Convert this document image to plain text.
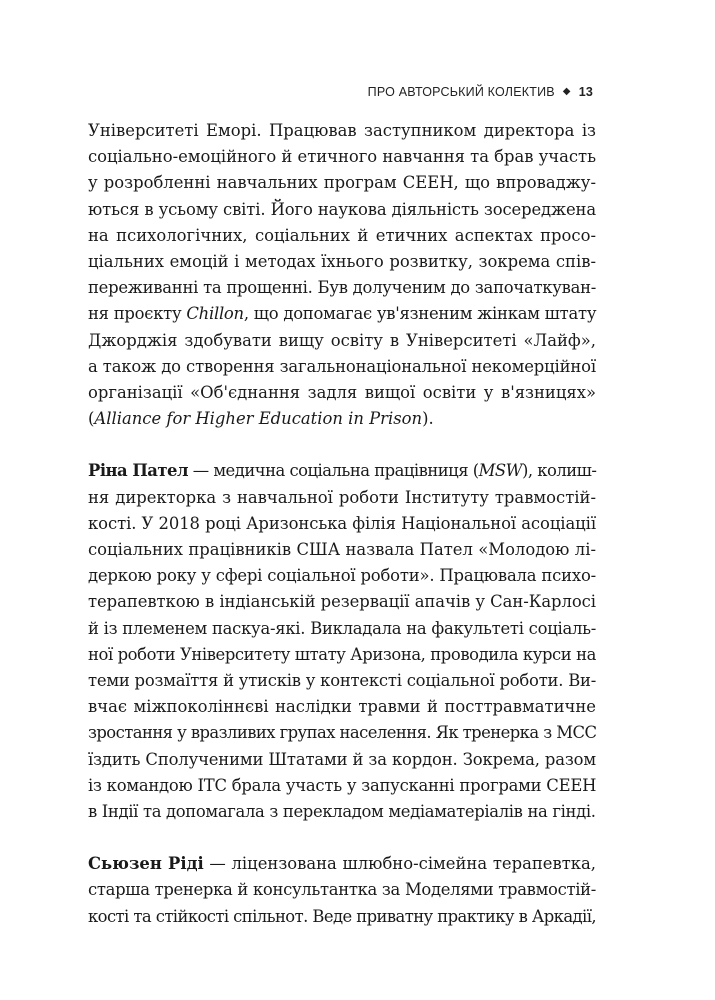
ПРО АВТОРСЬКИЙ КОЛЕКТИВ ◆ 13
Університеті Еморі. Працював заступником директора із
соціально-емоційного й етичного навчання та брав участь
у розробленні навчальних програм СЕЕН, що впроваджу-
ються в усьому світі. Його наукова діяльність зосереджена
на психологічних, соціальних й етичних аспектах просо-
ціальних емоцій і методах їхнього розвитку, зокрема спів-
переживанні та прощенні. Був долученим до започаткуван-
ня проєкту Chillon, що допомагає ув'язненим жінкам штату
Джорджія здобувати вищу освіту в Університеті «Лайф»,
а також до створення загальнонаціональної некомерційної
організації «Об'єднання задля вищої освіти у в'язницях»
(Alliance for Higher Education in Prison).
Ріна Пател — медична соціальна працівниця (MSW), колиш-
ня директорка з навчальної роботи Інституту травмостій-
кості. У 2018 році Аризонська філія Національної асоціації
соціальних працівників США назвала Пател «Молодою лі-
деркою року у сфері соціальної роботи». Працювала психо-
терапевткою в індіанській резервації апачів у Сан-Карлосі
й із племенем паскуа-які. Викладала на факультеті соціаль-
ної роботи Університету штату Аризона, проводила курси на
теми розмаїття й утисків у контексті соціальної роботи. Ви-
вчає міжпоколіннєві наслідки травми й посттравматичне
зростання у вразливих групах населення. Як тренерка з МСС
їздить Сполученими Штатами й за кордон. Зокрема, разом
із командою ITC брала участь у запусканні програми СЕЕН
в Індії та допомагала з перекладом медіаматеріалів на гінді.
Сьюзен Ріді — ліцензована шлюбно-сімейна терапевтка,
старша тренерка й консультантка за Моделями травмостій-
кості та стійкості спільнот. Веде приватну практику в Аркадії,
